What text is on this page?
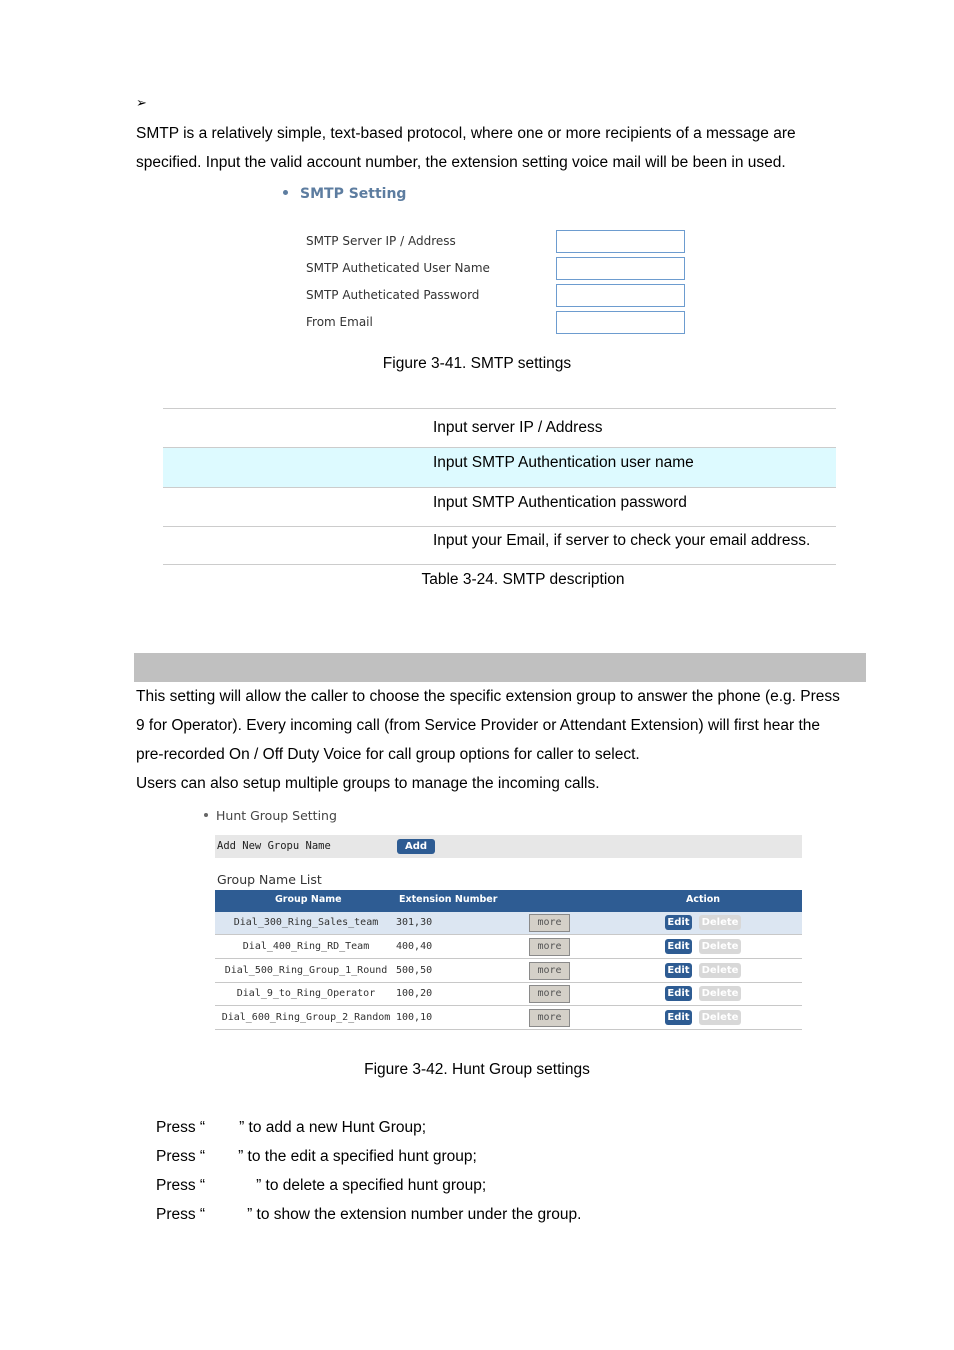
➢
SMTP is a relatively simple, text-based protocol, where one or more recipients of a message are
specified. Input the valid account number, the extension setting voice mail will be been in used.
SMTP Setting
SMTP Server IP / Address
SMTP Autheticated User Name
SMTP Autheticated Password
From Email
Figure 3-41. SMTP settings
Input server IP / Address
Input SMTP Authentication user name
Input SMTP Authentication password
Input your Email, if server to check your email address.
Table 3-24. SMTP description
This setting will allow the caller to choose the specific extension group to answer the phone (e.g. Press
9 for Operator). Every incoming call (from Service Provider or Attendant Extension) will first hear the
pre-recorded On / Off Duty Voice for call group options for caller to select.
Users can also setup multiple groups to manage the incoming calls.
Hunt Group Setting
Add New Gropu Name	Add
Group Name List
Group Name	Extension Number	Action
Dial_300_Ring_Sales_team	301,30	more	Edit Delete
Dial_400_Ring_RD_Team	400,40	more	Edit Delete
Dial_500_Ring_Group_1_Round 500,50	more	Edit Delete
Dial_9_to_Ring_Operator	100,20	more	Edit Delete
Dial_600_Ring_Group_2_Random 100,10	more	Edit Delete
Figure 3-42. Hunt Group settings
Press “ ” to add a new Hunt Group;
Press “ ” to the edit a specified hunt group;
Press “	” to delete a specified hunt group;
Press “	” to show the extension number under the group.
